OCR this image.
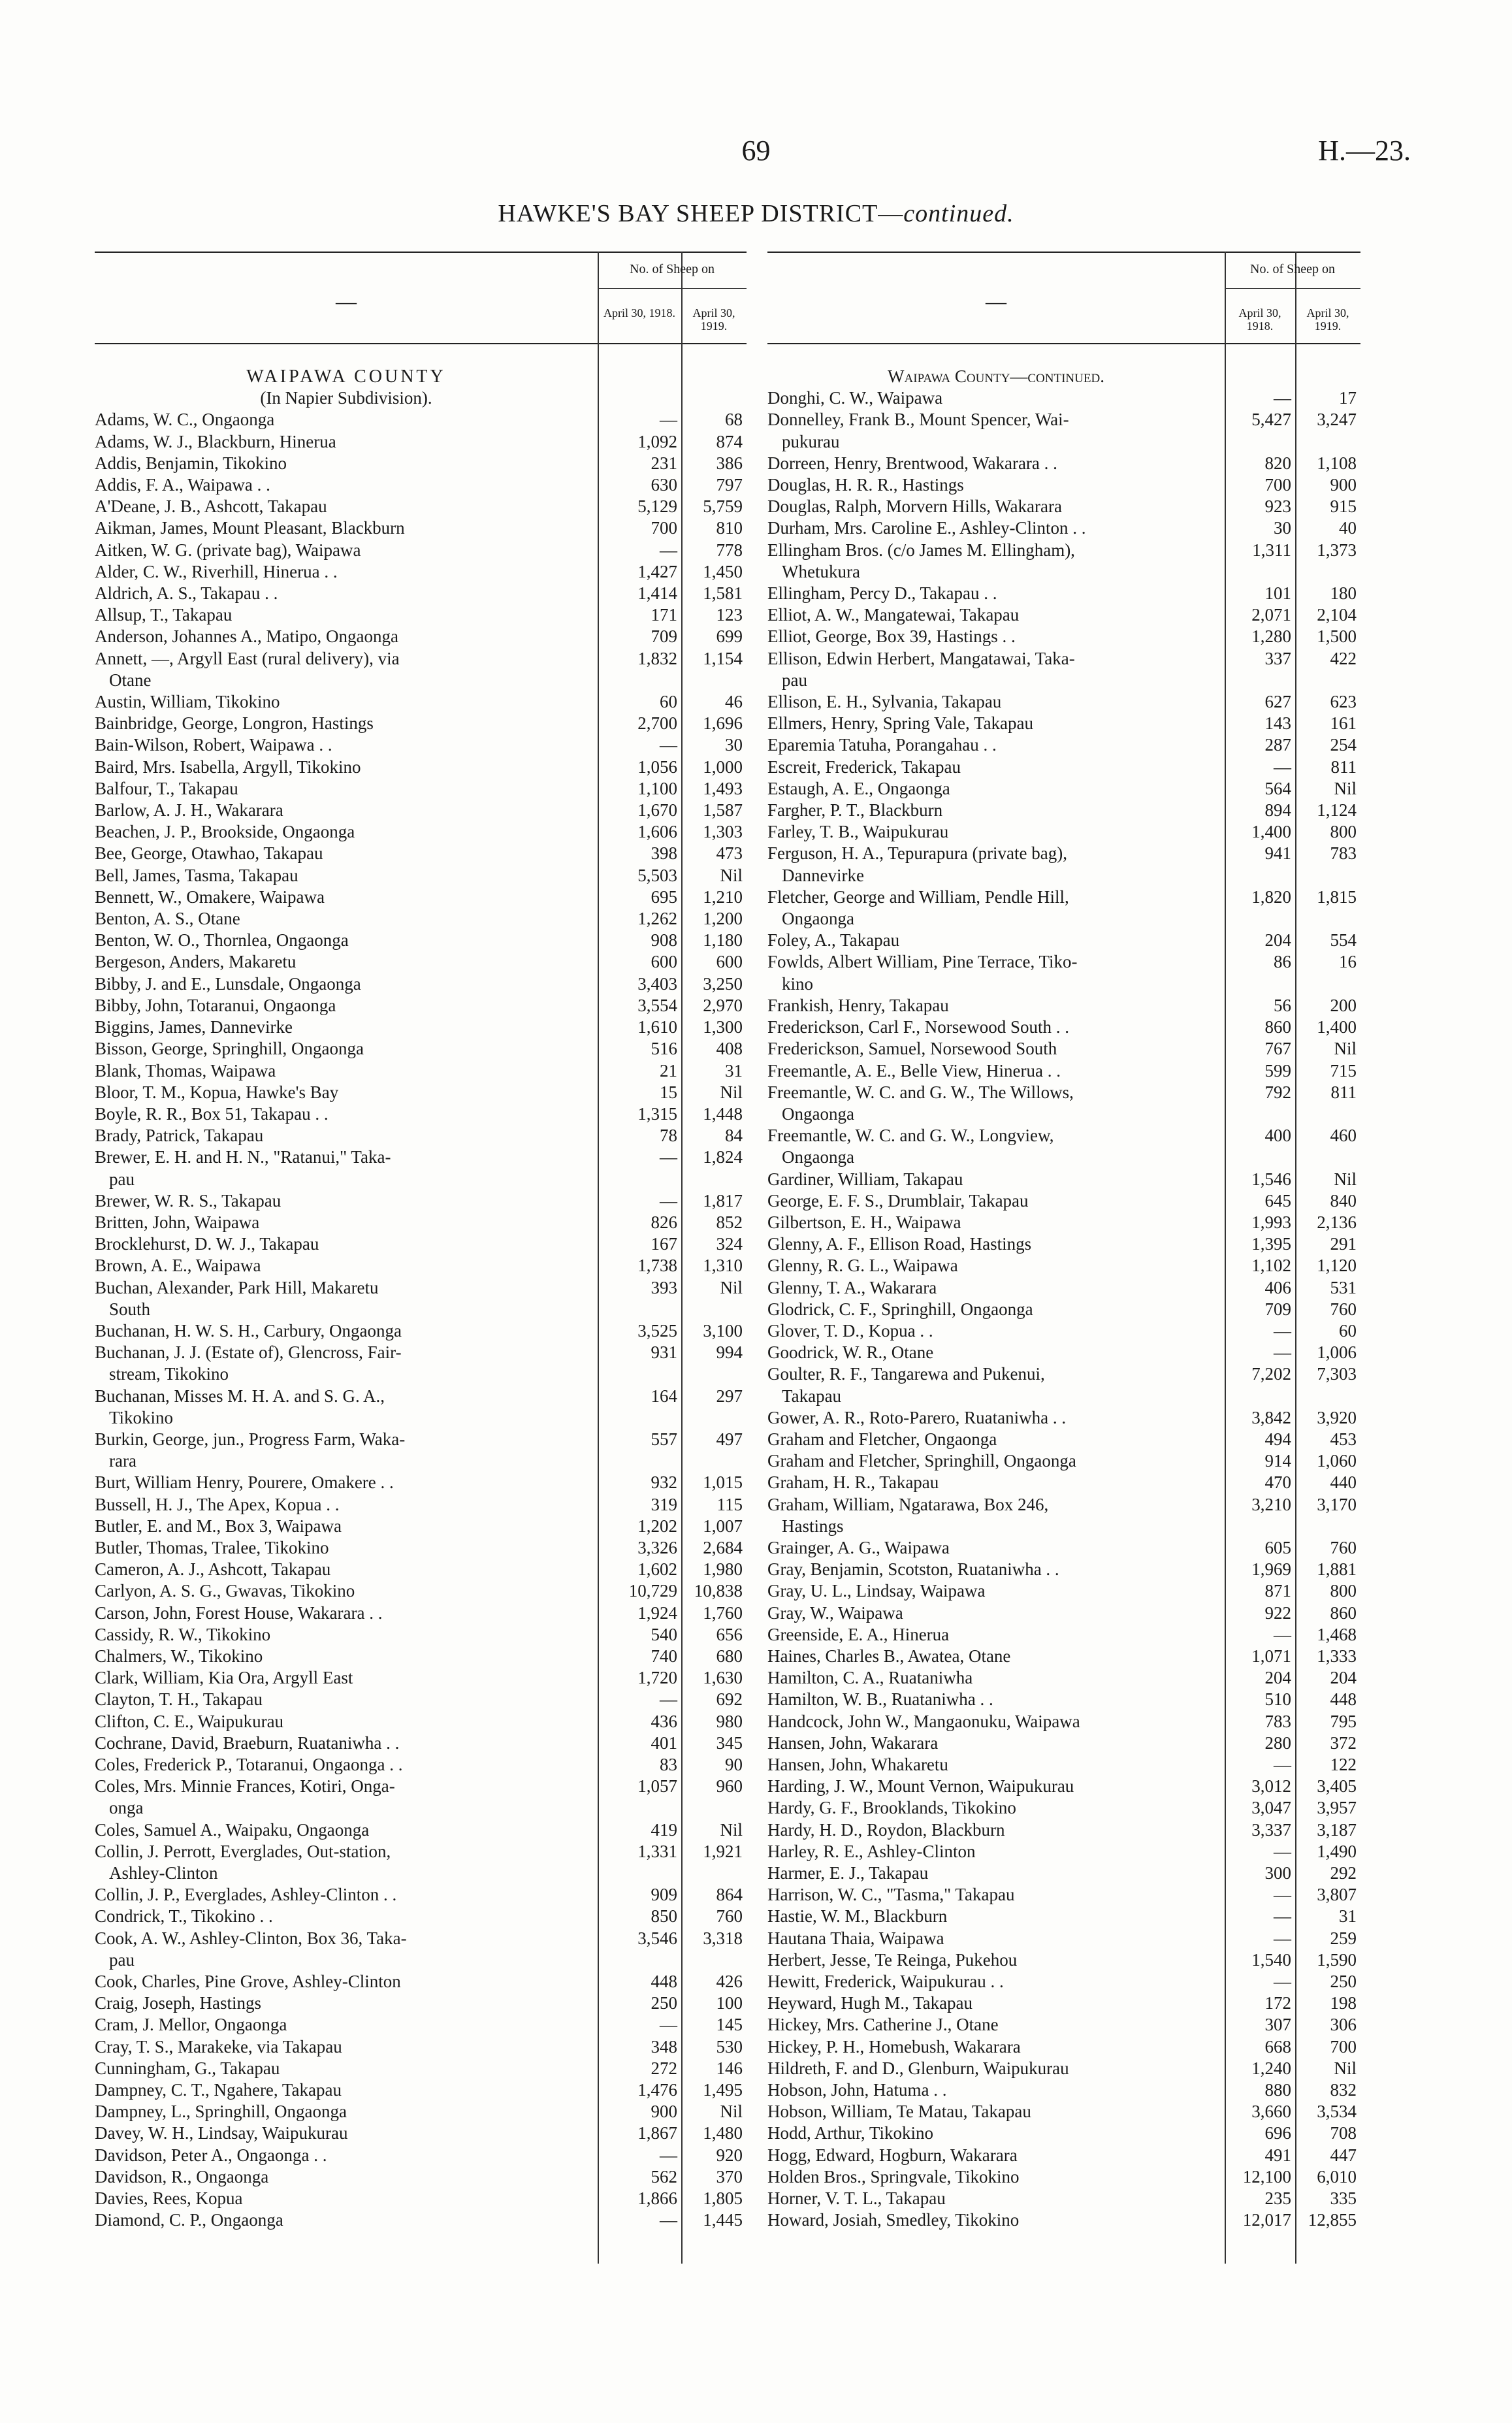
69	H.—23.
HAWKE'S BAY SHEEP DISTRICT—continued.
No. of Sheep on
—	April 30, 1918.	April 30, 1919.
WAIPAWA COUNTY
(In Napier Subdivision).
Adams, W. C., Ongaonga	—	68
Adams, W. J., Blackburn, Hinerua	1,092	874
Addis, Benjamin, Tikokino	231	386
Addis, F. A., Waipawa . .	630	797
A'Deane, J. B., Ashcott, Takapau	5,129	5,759
Aikman, James, Mount Pleasant, Blackburn	700	810
Aitken, W. G. (private bag), Waipawa	—	778
Alder, C. W., Riverhill, Hinerua . .	1,427	1,450
Aldrich, A. S., Takapau . .	1,414	1,581
Allsup, T., Takapau	171	123
Anderson, Johannes A., Matipo, Ongaonga	709	699
Annett, —, Argyll East (rural delivery), via	1,832	1,154
Otane
Austin, William, Tikokino	60	46
Bainbridge, George, Longron, Hastings	2,700	1,696
Bain-Wilson, Robert, Waipawa . .	—	30
Baird, Mrs. Isabella, Argyll, Tikokino	1,056	1,000
Balfour, T., Takapau	1,100	1,493
Barlow, A. J. H., Wakarara	1,670	1,587
Beachen, J. P., Brookside, Ongaonga	1,606	1,303
Bee, George, Otawhao, Takapau	398	473
Bell, James, Tasma, Takapau	5,503	Nil
Bennett, W., Omakere, Waipawa	695	1,210
Benton, A. S., Otane	1,262	1,200
Benton, W. O., Thornlea, Ongaonga	908	1,180
Bergeson, Anders, Makaretu	600	600
Bibby, J. and E., Lunsdale, Ongaonga	3,403	3,250
Bibby, John, Totaranui, Ongaonga	3,554	2,970
Biggins, James, Dannevirke	1,610	1,300
Bisson, George, Springhill, Ongaonga	516	408
Blank, Thomas, Waipawa	21	31
Bloor, T. M., Kopua, Hawke's Bay	15	Nil
Boyle, R. R., Box 51, Takapau . .	1,315	1,448
Brady, Patrick, Takapau	78	84
Brewer, E. H. and H. N., "Ratanui," Taka-	—	1,824
pau
Brewer, W. R. S., Takapau	—	1,817
Britten, John, Waipawa	826	852
Brocklehurst, D. W. J., Takapau	167	324
Brown, A. E., Waipawa	1,738	1,310
Buchan, Alexander, Park Hill, Makaretu	393	Nil
South
Buchanan, H. W. S. H., Carbury, Ongaonga	3,525	3,100
Buchanan, J. J. (Estate of), Glencross, Fair-	931	994
stream, Tikokino
Buchanan, Misses M. H. A. and S. G. A.,	164	297
Tikokino
Burkin, George, jun., Progress Farm, Waka-	557	497
rara
Burt, William Henry, Pourere, Omakere . .	932	1,015
Bussell, H. J., The Apex, Kopua . .	319	115
Butler, E. and M., Box 3, Waipawa	1,202	1,007
Butler, Thomas, Tralee, Tikokino	3,326	2,684
Cameron, A. J., Ashcott, Takapau	1,602	1,980
Carlyon, A. S. G., Gwavas, Tikokino	10,729 10,838
Carson, John, Forest House, Wakarara . .	1,924	1,760
Cassidy, R. W., Tikokino	540	656
Chalmers, W., Tikokino	740	680
Clark, William, Kia Ora, Argyll East	1,720	1,630
Clayton, T. H., Takapau	—	692
Clifton, C. E., Waipukurau	436	980
Cochrane, David, Braeburn, Ruataniwha . .	401	345
Coles, Frederick P., Totaranui, Ongaonga . .	83	90
Coles, Mrs. Minnie Frances, Kotiri, Onga-	1,057	960
onga
Coles, Samuel A., Waipaku, Ongaonga	419	Nil
Collin, J. Perrott, Everglades, Out-station,	1,331	1,921
Ashley-Clinton
Collin, J. P., Everglades, Ashley-Clinton . .	909	864
Condrick, T., Tikokino . .	850	760
Cook, A. W., Ashley-Clinton, Box 36, Taka-	3,546	3,318
pau
Cook, Charles, Pine Grove, Ashley-Clinton	448	426
Craig, Joseph, Hastings	250	100
Cram, J. Mellor, Ongaonga	—	145
Cray, T. S., Marakeke, via Takapau	348	530
Cunningham, G., Takapau	272	146
Dampney, C. T., Ngahere, Takapau	1,476	1,495
Dampney, L., Springhill, Ongaonga	900	Nil
Davey, W. H., Lindsay, Waipukurau	1,867	1,480
Davidson, Peter A., Ongaonga . .	—	920
Davidson, R., Ongaonga	562	370
Davies, Rees, Kopua	1,866	1,805
Diamond, C. P., Ongaonga	—	1,445
No. of Sheep on
—	April 30, 1918.
April 30, 1919.
Waipawa County—continued.
Donghi, C. W., Waipawa	—	17
Donnelley, Frank B., Mount Spencer, Wai-	5,427	3,247
pukurau
Dorreen, Henry, Brentwood, Wakarara . .	820	1,108
Douglas, H. R. R., Hastings	700	900
Douglas, Ralph, Morvern Hills, Wakarara	923	915
Durham, Mrs. Caroline E., Ashley-Clinton . .	30	40
Ellingham Bros. (c/o James M. Ellingham),	1,311	1,373
Whetukura
Ellingham, Percy D., Takapau . .	101	180
Elliot, A. W., Mangatewai, Takapau	2,071	2,104
Elliot, George, Box 39, Hastings . .	1,280	1,500
Ellison, Edwin Herbert, Mangatawai, Taka-	337	422
pau
Ellison, E. H., Sylvania, Takapau	627	623
Ellmers, Henry, Spring Vale, Takapau	143	161
Eparemia Tatuha, Porangahau . .	287	254
Escreit, Frederick, Takapau	—	811
Estaugh, A. E., Ongaonga	564	Nil
Fargher, P. T., Blackburn	894	1,124
Farley, T. B., Waipukurau	1,400	800
Ferguson, H. A., Tepurapura (private bag),	941	783
Dannevirke
Fletcher, George and William, Pendle Hill,	1,820	1,815
Ongaonga
Foley, A., Takapau	204	554
Fowlds, Albert William, Pine Terrace, Tiko-	86	16
kino
Frankish, Henry, Takapau	56	200
Frederickson, Carl F., Norsewood South . .	860	1,400
Frederickson, Samuel, Norsewood South	767	Nil
Freemantle, A. E., Belle View, Hinerua . .	599	715
Freemantle, W. C. and G. W., The Willows,	792	811
Ongaonga
Freemantle, W. C. and G. W., Longview,	400	460
Ongaonga
Gardiner, William, Takapau	1,546	Nil
George, E. F. S., Drumblair, Takapau	645	840
Gilbertson, E. H., Waipawa	1,993	2,136
Glenny, A. F., Ellison Road, Hastings	1,395	291
Glenny, R. G. L., Waipawa	1,102	1,120
Glenny, T. A., Wakarara	406	531
Glodrick, C. F., Springhill, Ongaonga	709	760
Glover, T. D., Kopua . .	—	60
Goodrick, W. R., Otane	—	1,006
Goulter, R. F., Tangarewa and Pukenui,	7,202	7,303
Takapau
Gower, A. R., Roto-Parero, Ruataniwha . .	3,842	3,920
Graham and Fletcher, Ongaonga	494	453
Graham and Fletcher, Springhill, Ongaonga	914	1,060
Graham, H. R., Takapau	470	440
Graham, William, Ngatarawa, Box 246,	3,210	3,170
Hastings
Grainger, A. G., Waipawa	605	760
Gray, Benjamin, Scotston, Ruataniwha . .	1,969	1,881
Gray, U. L., Lindsay, Waipawa	871	800
Gray, W., Waipawa	922	860
Greenside, E. A., Hinerua	—	1,468
Haines, Charles B., Awatea, Otane	1,071	1,333
Hamilton, C. A., Ruataniwha	204	204
Hamilton, W. B., Ruataniwha . .	510	448
Handcock, John W., Mangaonuku, Waipawa	783	795
Hansen, John, Wakarara	280	372
Hansen, John, Whakaretu	—	122
Harding, J. W., Mount Vernon, Waipukurau	3,012	3,405
Hardy, G. F., Brooklands, Tikokino	3,047	3,957
Hardy, H. D., Roydon, Blackburn	3,337	3,187
Harley, R. E., Ashley-Clinton	—	1,490
Harmer, E. J., Takapau	300	292
Harrison, W. C., "Tasma," Takapau	—	3,807
Hastie, W. M., Blackburn	—	31
Hautana Thaia, Waipawa	—	259
Herbert, Jesse, Te Reinga, Pukehou	1,540	1,590
Hewitt, Frederick, Waipukurau . .	—	250
Heyward, Hugh M., Takapau	172	198
Hickey, Mrs. Catherine J., Otane	307	306
Hickey, P. H., Homebush, Wakarara	668	700
Hildreth, F. and D., Glenburn, Waipukurau	1,240	Nil
Hobson, John, Hatuma . .	880	832
Hobson, William, Te Matau, Takapau	3,660	3,534
Hodd, Arthur, Tikokino	696	708
Hogg, Edward, Hogburn, Wakarara	491	447
Holden Bros., Springvale, Tikokino	12,100	6,010
Horner, V. T. L., Takapau	235	335
Howard, Josiah, Smedley, Tikokino	12,017 12,855
